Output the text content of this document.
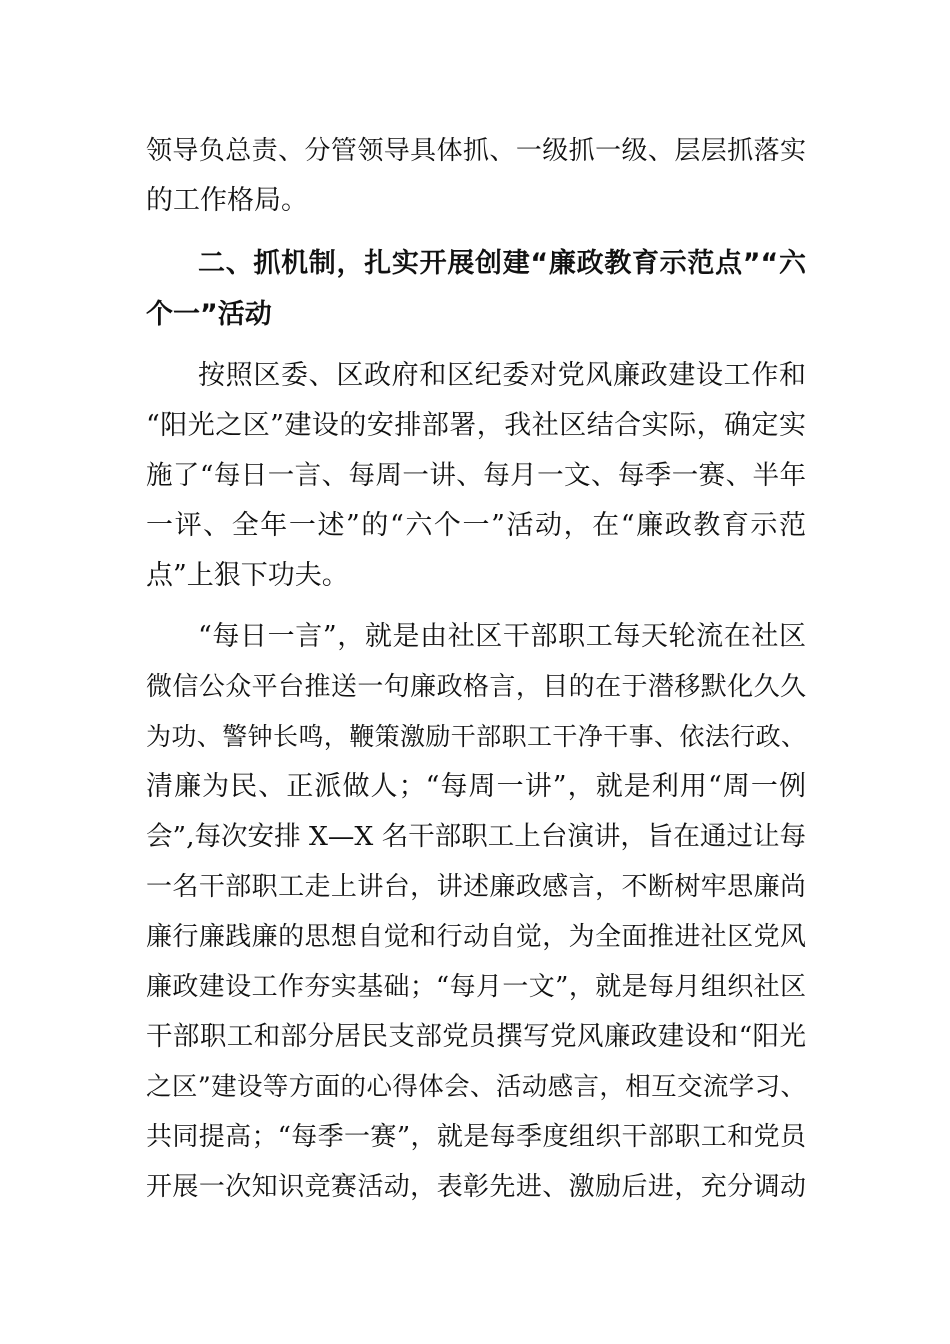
领导负总责、分管领导具体抓、一级抓一级、层层抓落实
的工作格局。
二、抓机制，扎实开展创建“廉政教育示范点”“六
个一”活动
按照区委、区政府和区纪委对党风廉政建设工作和
“阳光之区”建设的安排部署，我社区结合实际，确定实
施了“每日一言、每周一讲、每月一文、每季一赛、半年
一评、全年一述”的“六个一”活动，在“廉政教育示范
点”上狠下功夫。
“每日一言”，就是由社区干部职工每天轮流在社区
微信公众平台推送一句廉政格言，目的在于潜移默化久久
为功、警钟长鸣，鞭策激励干部职工干净干事、依法行政、
清廉为民、正派做人；“每周一讲”，就是利用“周一例
会”,每次安排 X—X 名干部职工上台演讲，旨在通过让每
一名干部职工走上讲台，讲述廉政感言，不断树牢思廉尚
廉行廉践廉的思想自觉和行动自觉，为全面推进社区党风
廉政建设工作夯实基础；“每月一文”，就是每月组织社区
干部职工和部分居民支部党员撰写党风廉政建设和“阳光
之区”建设等方面的心得体会、活动感言，相互交流学习、
共同提高；“每季一赛”，就是每季度组织干部职工和党员
开展一次知识竞赛活动，表彰先进、激励后进，充分调动
